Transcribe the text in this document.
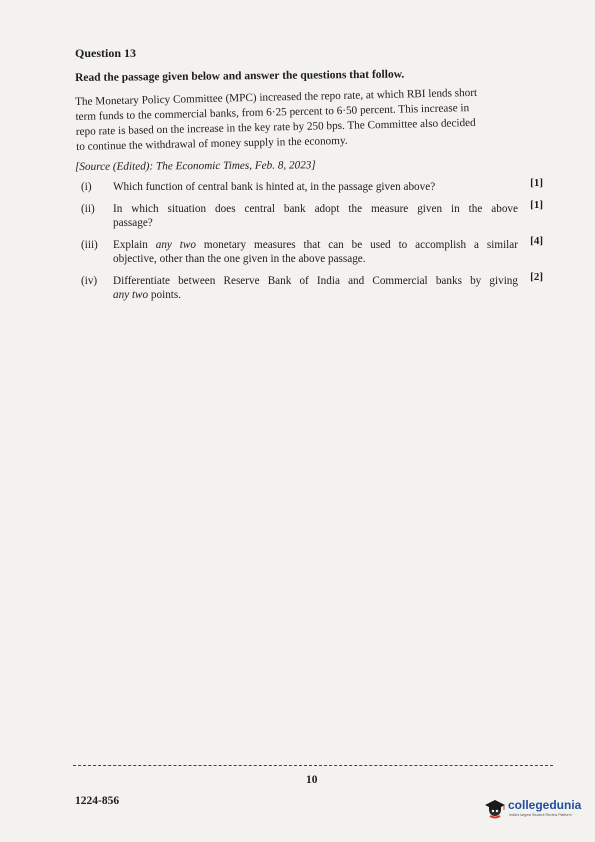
Question 13
Read the passage given below and answer the questions that follow.
The Monetary Policy Committee (MPC) increased the repo rate, at which RBI lends short
term funds to the commercial banks, from 6·25 percent to 6·50 percent. This increase in
repo rate is based on the increase in the key rate by 250 bps. The Committee also decided
to continue the withdrawal of money supply in the economy.
[Source (Edited): The Economic Times, Feb. 8, 2023]
(i) Which function of central bank is hinted at, in the passage given above?	[1]
(ii) In which situation does central bank adopt the measure given in the above
passage?
[1]
(iii) Explain any two monetary measures that can be used to accomplish a similar
objective, other than the one given in the above passage.
[4]
(iv) Differentiate between Reserve Bank of India and Commercial banks by giving
any two points.
[2]
10
1224-856	collegedunia
India's largest Student Review Platform
